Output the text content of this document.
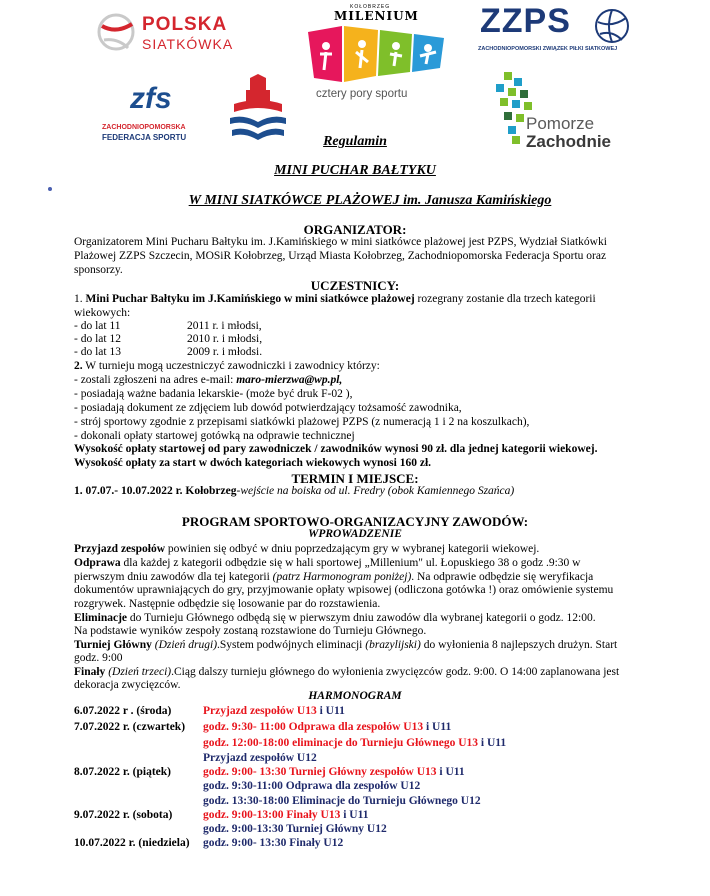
POLSKA
SIATKÓWKA
KOŁOBRZEG
MILENIUM
cztery pory sportu
ZZPS
ZACHODNIOPOMORSKI ZWIĄZEK PIŁKI SIATKOWEJ
zfs
ZACHODNIOPOMORSKA
FEDERACJA SPORTU
Pomorze
Zachodnie
Regulamin
MINI PUCHAR BAŁTYKU
W MINI SIATKÓWCE PLAŻOWEJ im. Janusza Kamińskiego
ORGANIZATOR:
Organizatorem Mini Pucharu Bałtyku im. J.Kamińskiego w mini siatkówce plażowej jest PZPS, Wydział Siatkówki
Plażowej ZZPS Szczecin, MOSiR Kołobrzeg, Urząd Miasta Kołobrzeg, Zachodniopomorska Federacja Sportu oraz
sponsorzy.
UCZESTNICY:
1. Mini Puchar Bałtyku im J.Kamińskiego w mini siatkówce plażowej rozegrany zostanie dla trzech kategorii
wiekowych:
- do lat 11	2011 r. i młodsi,
- do lat 12	2010 r. i młodsi,
- do lat 13	2009 r. i młodsi.
2. W turnieju mogą uczestniczyć zawodniczki i zawodnicy którzy:
- zostali zgłoszeni na adres e-mail: maro-mierzwa@wp.pl,
- posiadają ważne badania lekarskie- (może być druk F-02 ),
- posiadają dokument ze zdjęciem lub dowód potwierdzający tożsamość zawodnika,
- strój sportowy zgodnie z przepisami siatkówki plażowej PZPS (z numeracją 1 i 2 na koszulkach),
- dokonali opłaty startowej gotówką na odprawie technicznej
Wysokość opłaty startowej od pary zawodniczek / zawodników wynosi 90 zł. dla jednej kategorii wiekowej.
Wysokość opłaty za start w dwóch kategoriach wiekowych wynosi 160 zł.
TERMIN I MIEJSCE:
1. 07.07.- 10.07.2022 r. Kołobrzeg-wejście na boiska od ul. Fredry (obok Kamiennego Szańca)
PROGRAM SPORTOWO-ORGANIZACYJNY ZAWODÓW:
WPROWADZENIE
Przyjazd zespołów powinien się odbyć w dniu poprzedzającym gry w wybranej kategorii wiekowej.
Odprawa dla każdej z kategorii odbędzie się w hali sportowej „Millenium" ul. Łopuskiego 38 o godz .9:30 w
pierwszym dniu zawodów dla tej kategorii (patrz Harmonogram poniżej). Na odprawie odbędzie się weryfikacja
dokumentów uprawniających do gry, przyjmowanie opłaty wpisowej (odliczona gotówka !) oraz omówienie systemu
rozgrywek. Następnie odbędzie się losowanie par do rozstawienia.
Eliminacje do Turnieju Głównego odbędą się w pierwszym dniu zawodów dla wybranej kategorii o godz. 12:00.
Na podstawie wyników zespoły zostaną rozstawione do Turnieju Głównego.
Turniej Główny (Dzień drugi).System podwójnych eliminacji (brazylijski) do wyłonienia 8 najlepszych drużyn. Start
godz. 9:00
Finały (Dzień trzeci).Ciąg dalszy turnieju głównego do wyłonienia zwycięzców godz. 9:00. O 14:00 zaplanowana jest
dekoracja zwycięzców.
HARMONOGRAM
6.07.2022 r . (środa)	Przyjazd zespołów U13 i U11
7.07.2022 r. (czwartek) godz. 9:30- 11:00 Odprawa dla zespołów U13 i U11
godz. 12:00-18:00 eliminacje do Turnieju Głównego U13 i U11
Przyjazd zespołów U12
8.07.2022 r. (piątek)	godz. 9:00- 13:30 Turniej Główny zespołów U13 i U11
godz. 9:30-11:00 Odprawa dla zespołów U12
godz. 13:30-18:00 Eliminacje do Turnieju Głównego U12
9.07.2022 r. (sobota)	godz. 9:00-13:00 Finały U13 i U11
godz. 9:00-13:30 Turniej Główny U12
10.07.2022 r. (niedziela) godz. 9:00- 13:30 Finały U12
